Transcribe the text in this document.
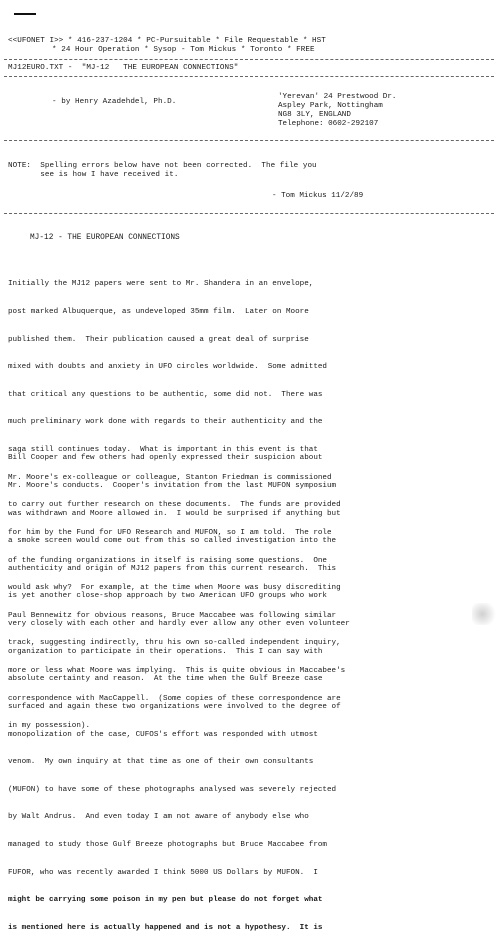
<<UFONET I>> * 416-237-1204 * PC-Pursuitable * File Requestable * HST
* 24 Hour Operation * Sysop - Tom Mickus * Toronto * FREE
MJ12EURO.TXT -  "MJ-12   THE EUROPEAN CONNECTIONS"
- by Henry Azadehdel, Ph.D.
'Yerevan' 24 Prestwood Dr.
Aspley Park, Nottingham
NG8 3LY, ENGLAND
Telephone: 0602-292107
NOTE:  Spelling errors below have not been corrected.  The file you
see is how I have received it.
- Tom Mickus 11/2/89
MJ-12 - THE EUROPEAN CONNECTIONS

Initially the MJ12 papers were sent to Mr. Shandera in an envelope,

post marked Albuquerque, as undeveloped 35mm film.  Later on Moore

published them.  Their publication caused a great deal of surprise

mixed with doubts and anxiety in UFO circles worldwide.  Some admitted

that critical any questions to be authentic, some did not.  There was

much preliminary work done with regards to their authenticity and the

saga still continues today.  What is important in this event is that

Mr. Moore's ex-colleague or colleague, Stanton Friedman is commissioned

to carry out further research on these documents.  The funds are provided

for him by the Fund for UFO Research and MUFON, so I am told.  The role

of the funding organizations in itself is raising some questions.  One

would ask why?  For example, at the time when Moore was busy discrediting

Paul Bennewitz for obvious reasons, Bruce Maccabee was following similar

track, suggesting indirectly, thru his own so-called independent inquiry,

more or less what Moore was implying.  This is quite obvious in Maccabee's

correspondence with MacCappell.  (Some copies of these correspondence are

in my possession).

Bill Cooper and few others had openly expressed their suspicion about

Mr. Moore's conducts.  Cooper's invitation from the last MUFON symposium

was withdrawn and Moore allowed in.  I would be surprised if anything but

a smoke screen would come out from this so called investigation into the

authenticity and origin of MJ12 papers from this current research.  This

is yet another close-shop approach by two American UFO groups who work

very closely with each other and hardly ever allow any other even volunteer

organization to participate in their operations.  This I can say with

absolute certainty and reason.  At the time when the Gulf Breeze case

surfaced and again these two organizations were involved to the degree of

monopolization of the case, CUFOS's effort was responded with utmost

venom.  My own inquiry at that time as one of their own consultants

(MUFON) to have some of these photographs analysed was severely rejected

by Walt Andrus.  And even today I am not aware of anybody else who

managed to study those Gulf Breeze photographs but Bruce Maccabee from

FUFOR, who was recently awarded I think 5000 US Dollars by MUFON.  I

might be carrying some poison in my pen but please do not forget what

is mentioned here is actually happened and is not a hypothesy.  It is
